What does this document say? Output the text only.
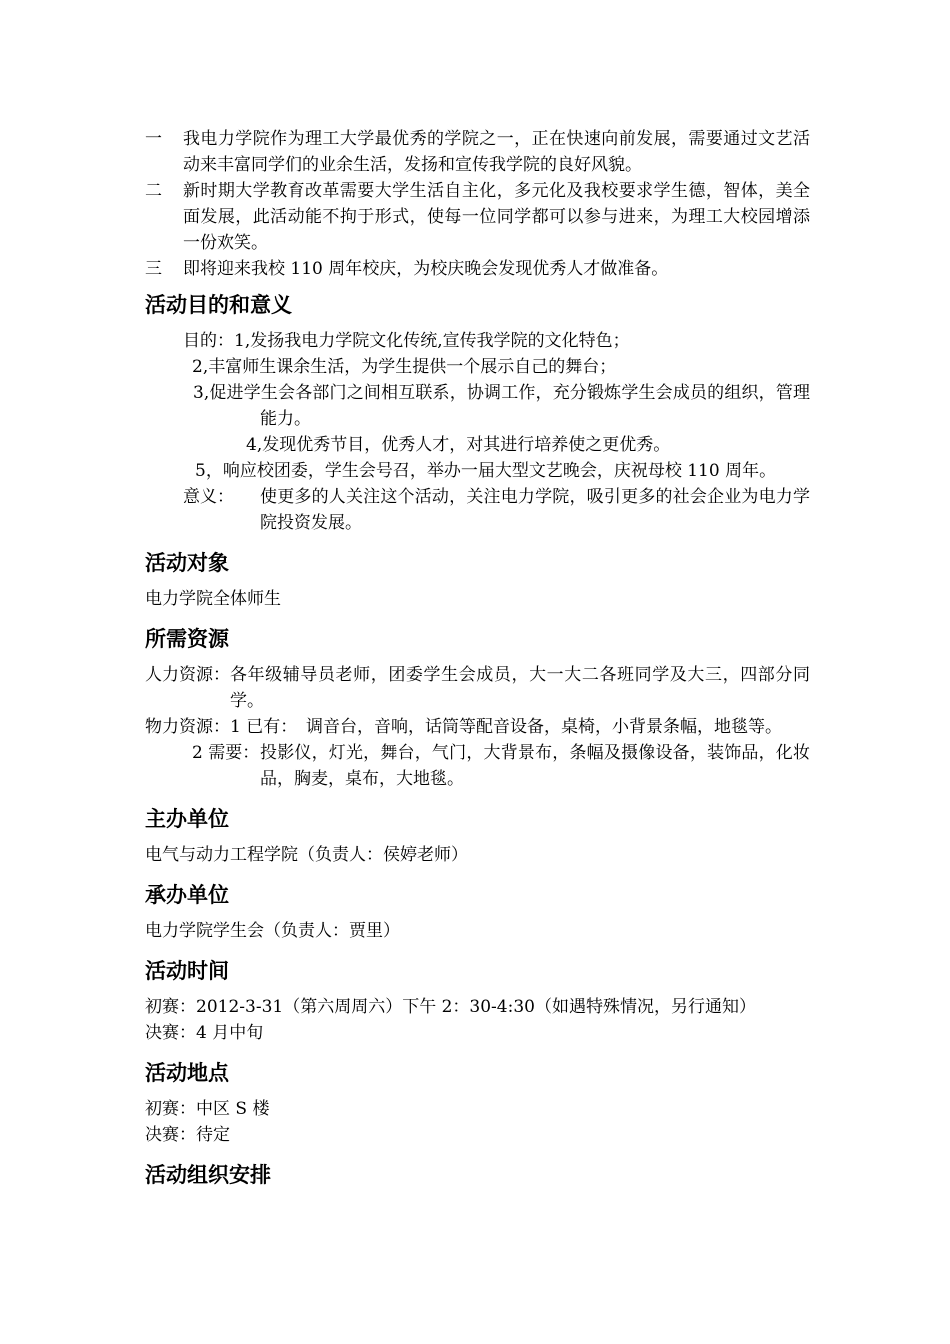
一	我电力学院作为理工大学最优秀的学院之一，正在快速向前发展，需要通过文艺活动来丰富同学们的业余生活，发扬和宣传我学院的良好风貌。
二	新时期大学教育改革需要大学生活自主化，多元化及我校要求学生德，智体，美全面发展，此活动能不拘于形式，使每一位同学都可以参与进来，为理工大校园增添一份欢笑。
三	即将迎来我校 110 周年校庆，为校庆晚会发现优秀人才做准备。
活动目的和意义
目的： 1,发扬我电力学院文化传统,宣传我学院的文化特色；
2,丰富师生课余生活，为学生提供一个展示自己的舞台；
3,促进学生会各部门之间相互联系，协调工作，充分锻炼学生会成员的组织，管理能力。
4,发现优秀节目，优秀人才，对其进行培养使之更优秀。
5，响应校团委，学生会号召，举办一届大型文艺晚会，庆祝母校 110 周年。
意义：	使更多的人关注这个活动，关注电力学院，吸引更多的社会企业为电力学院投资发展。
活动对象
电力学院全体师生
所需资源
人力资源： 各年级辅导员老师，团委学生会成员，大一大二各班同学及大三，四部分同学。
物力资源： 1 已有： 调音台，音响，话筒等配音设备，桌椅，小背景条幅，地毯等。
2 需要： 投影仪，灯光，舞台，气门，大背景布，条幅及摄像设备，装饰品，化妆品，胸麦，桌布，大地毯。
主办单位
电气与动力工程学院（负责人：侯婷老师）
承办单位
电力学院学生会（负责人：贾里）
活动时间
初赛：2012-3-31（第六周周六）下午 2：30-4:30（如遇特殊情况，另行通知）
决赛：4 月中旬
活动地点
初赛：中区 S 楼
决赛：待定
活动组织安排
